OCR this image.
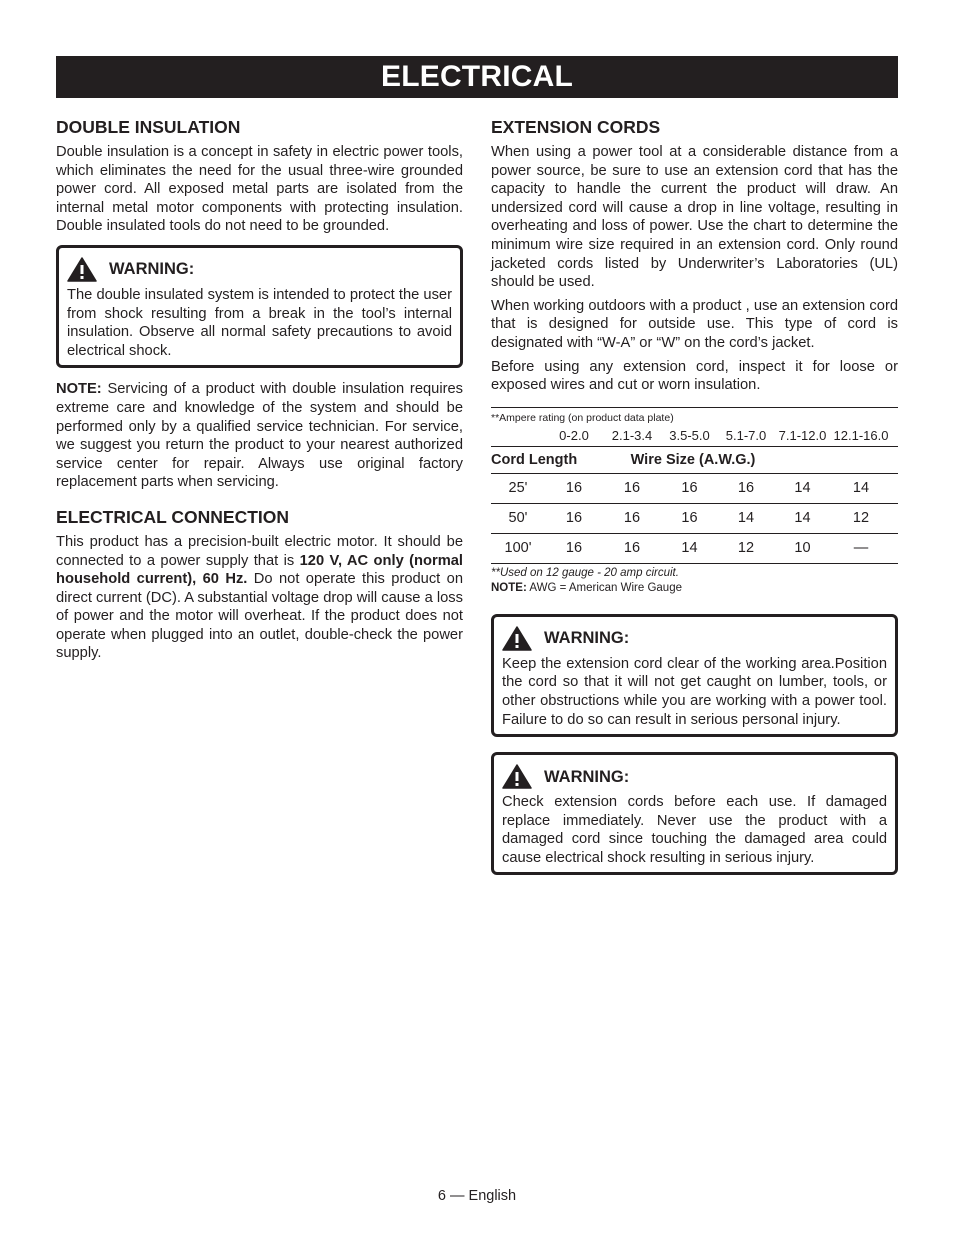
ELECTRICAL
DOUBLE INSULATION

Double insulation is a concept in safety in electric power tools, which eliminates the need for the usual three-wire grounded power cord. All exposed metal parts are isolated from the internal metal motor components with protecting insulation. Double insulated tools do not need to be grounded.

WARNING:

The double insulated system is intended to protect the user from shock resulting from a break in the tool’s internal insulation. Observe all normal safety precautions to avoid electrical shock.

NOTE: Servicing of a product with double insulation requires extreme care and knowledge of the system and should be performed only by a qualified service technician. For service, we suggest you return the product to your nearest authorized service center for repair. Always use original factory replacement parts when servicing.

ELECTRICAL CONNECTION

This product has a precision-built electric motor. It should be connected to a power supply that is 120 V, AC only (normal household current), 60 Hz. Do not operate this product on direct current (DC). A substantial voltage drop will cause a loss of power and the motor will overheat. If the product does not operate when plugged into an outlet, double-check the power supply.

EXTENSION CORDS

When using a power tool at a considerable distance from a power source, be sure to use an extension cord that has the capacity to handle the current the product will draw. An undersized cord will cause a drop in line voltage, resulting in overheating and loss of power. Use the chart to determine the minimum wire size required in an extension cord. Only round jacketed cords listed by Underwriter’s Laboratories (UL) should be used.

When working outdoors with a product , use an extension cord that is designed for outside use. This type of cord is designated with “W-A” or “W” on the cord’s jacket.

Before using any extension cord, inspect it for loose or exposed wires and cut or worn insulation.

**Ampere rating (on product data plate)
0-2.0	2.1-3.4	3.5-5.0	5.1-7.0 7.1-12.0 12.1-16.0
Cord Length	Wire Size (A.W.G.)
25'	16	16	16	16	14	14
50'	16	16	16	14	14	12
100'	16	16	14	12	10	—
**Used on 12 gauge - 20 amp circuit.
NOTE: AWG = American Wire Gauge
WARNING:

Keep the extension cord clear of the working area.Position the cord so that it will not get caught on lumber, tools, or other obstructions while you are working with a power tool. Failure to do so can result in serious personal injury.

WARNING:

Check extension cords before each use. If damaged replace immediately. Never use the product with a damaged cord since touching the damaged area could cause electrical shock resulting in serious injury.

6 — English
